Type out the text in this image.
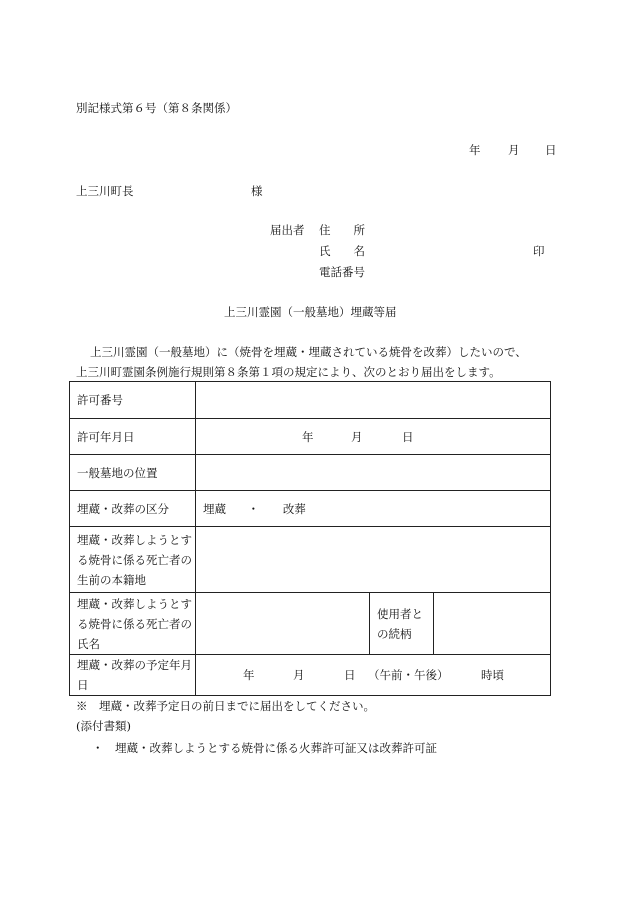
別記様式第６号（第８条関係）
年 月 日
上三川町長	様
届出者 住　　所
氏　　名	印
電話番号
上三川霊園（一般墓地）埋蔵等届
上三川霊園（一般墓地）に（焼骨を埋蔵・埋蔵されている焼骨を改葬）したいので、
上三川町霊園条例施行規則第８条第１項の規定により、次のとおり届出をします。
許可番号			
許可年月日	年 月 日		

一般墓地の位置			
埋蔵・改葬の区分	埋蔵 ・ 改葬		
埋蔵・改葬しようとする焼骨に係る死亡者の生前の本籍地			
埋蔵・改葬しようとする焼骨に係る死亡者の氏名		使用者との続柄	
埋蔵・改葬の予定年月日	年 月 日 （午前・午後） 時頃		
※　埋蔵・改葬予定日の前日までに届出をしてください。
(添付書類)
・　埋蔵・改葬しようとする焼骨に係る火葬許可証又は改葬許可証
